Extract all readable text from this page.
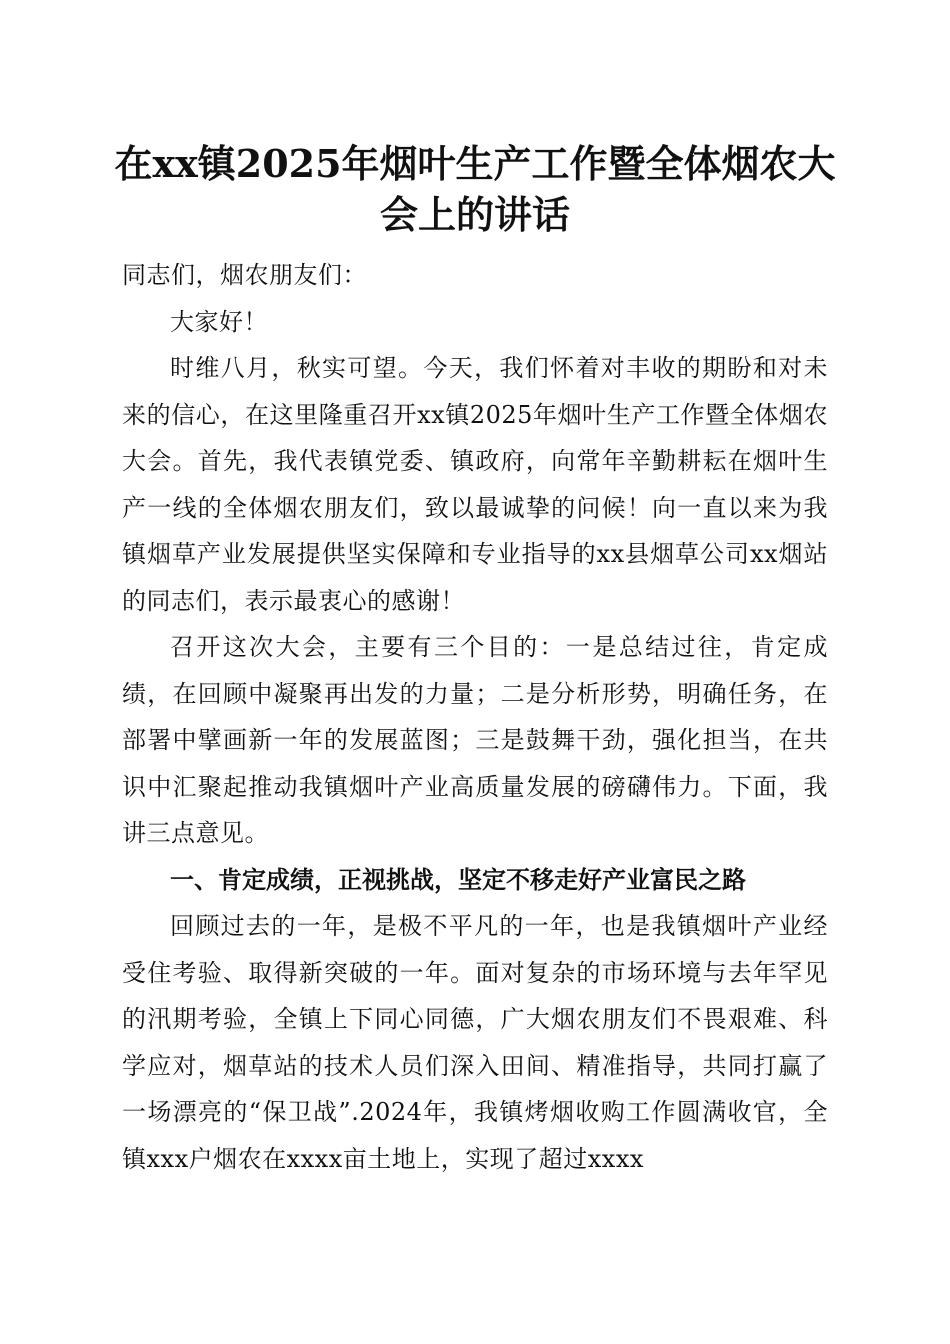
在xx镇2025年烟叶生产工作暨全体烟农大会上的讲话

同志们，烟农朋友们：

大家好！

时维八月，秋实可望。今天，我们怀着对丰收的期盼和对未来的信心，在这里隆重召开xx镇2025年烟叶生产工作暨全体烟农大会。首先，我代表镇党委、镇政府，向常年辛勤耕耘在烟叶生产一线的全体烟农朋友们，致以最诚挚的问候！向一直以来为我镇烟草产业发展提供坚实保障和专业指导的xx县烟草公司xx烟站的同志们，表示最衷心的感谢！

召开这次大会，主要有三个目的：一是总结过往，肯定成绩，在回顾中凝聚再出发的力量；二是分析形势，明确任务，在部署中擘画新一年的发展蓝图；三是鼓舞干劲，强化担当，在共识中汇聚起推动我镇烟叶产业高质量发展的磅礴伟力。下面，我讲三点意见。

一、肯定成绩，正视挑战，坚定不移走好产业富民之路

回顾过去的一年，是极不平凡的一年，也是我镇烟叶产业经受住考验、取得新突破的一年。面对复杂的市场环境与去年罕见的汛期考验，全镇上下同心同德，广大烟农朋友们不畏艰难、科学应对，烟草站的技术人员们深入田间、精准指导，共同打赢了一场漂亮的“保卫战”.2024年，我镇烤烟收购工作圆满收官，全镇xxx户烟农在xxxx亩土地上，实现了超过xxxx
